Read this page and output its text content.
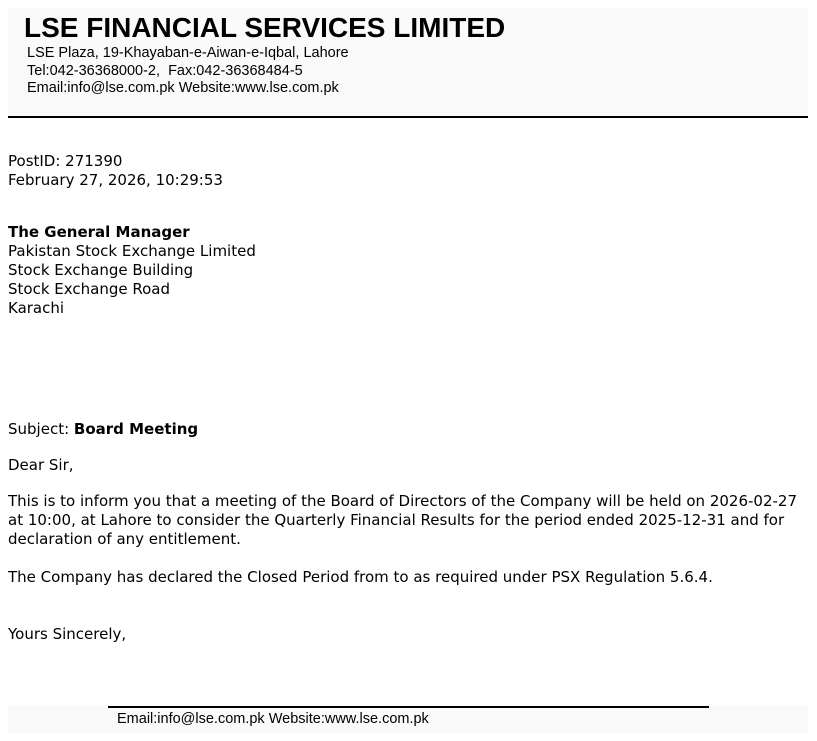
LSE FINANCIAL SERVICES LIMITED
LSE Plaza, 19-Khayaban-e-Aiwan-e-Iqbal, Lahore
Tel:042-36368000-2,  Fax:042-36368484-5
Email:info@lse.com.pk Website:www.lse.com.pk
PostID: 271390
February 27, 2026, 10:29:53
The General Manager
Pakistan Stock Exchange Limited
Stock Exchange Building
Stock Exchange Road
Karachi
Subject: Board Meeting
Dear Sir,
This is to inform you that a meeting of the Board of Directors of the Company will be held on 2026-02-27 at 10:00, at Lahore to consider the Quarterly Financial Results for the period ended 2025-12-31 and for declaration of any entitlement.
The Company has declared the Closed Period from to as required under PSX Regulation 5.6.4.
Yours Sincerely,
Email:info@lse.com.pk Website:www.lse.com.pk
